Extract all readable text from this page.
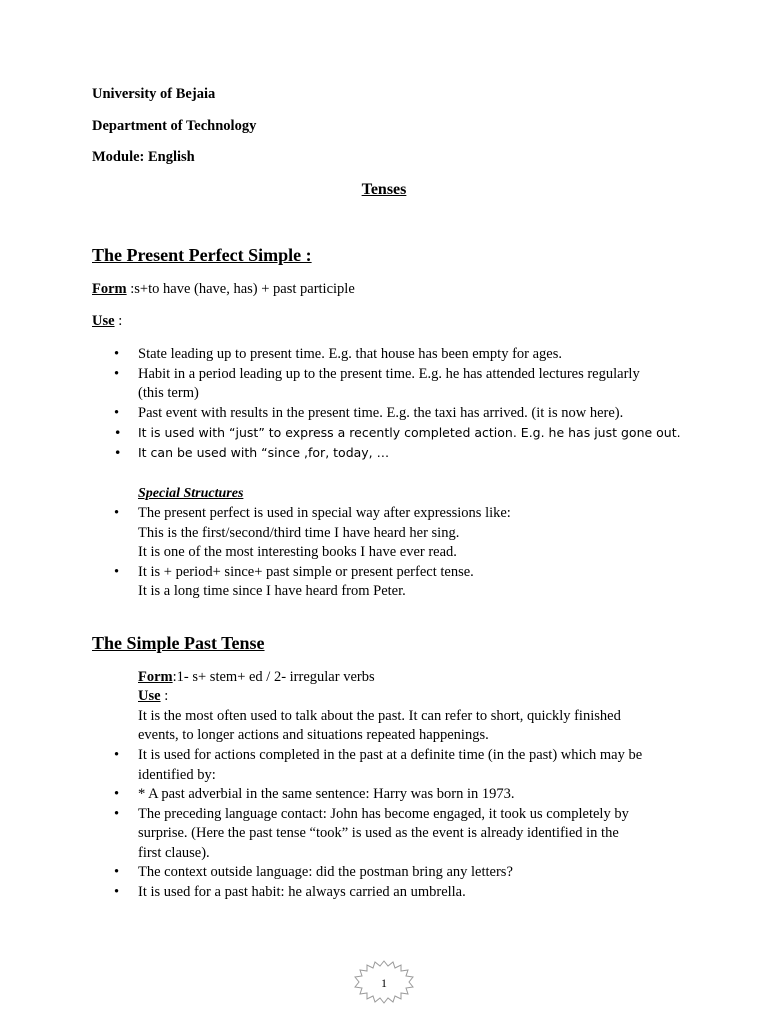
University of Bejaia
Department of Technology
Module: English
Tenses
The Present Perfect Simple :
Form :s+to have (have, has) + past participle
Use :
• State leading up to present time. E.g. that house has been empty for ages.
• Habit in a period leading up to the present time. E.g. he has attended lectures regularly
(this term)
• Past event with results in the present time. E.g. the taxi has arrived. (it is now here).
• It is used with “just” to express a recently completed action. E.g. he has just gone out.
• It can be used with “since ,for, today, …
Special Structures
• The present perfect is used in special way after expressions like:
This is the first/second/third time I have heard her sing.
It is one of the most interesting books I have ever read.
• It is + period+ since+ past simple or present perfect tense.
It is a long time since I have heard from Peter.
The Simple Past Tense
Form:1- s+ stem+ ed / 2- irregular verbs
Use :
It is the most often used to talk about the past. It can refer to short, quickly finished
events, to longer actions and situations repeated happenings.
• It is used for actions completed in the past at a definite time (in the past) which may be
identified by:
• * A past adverbial in the same sentence: Harry was born in 1973.
• The preceding language contact: John has become engaged, it took us completely by
surprise. (Here the past tense “took” is used as the event is already identified in the
first clause).
• The context outside language: did the postman bring any letters?
• It is used for a past habit: he always carried an umbrella.
1
